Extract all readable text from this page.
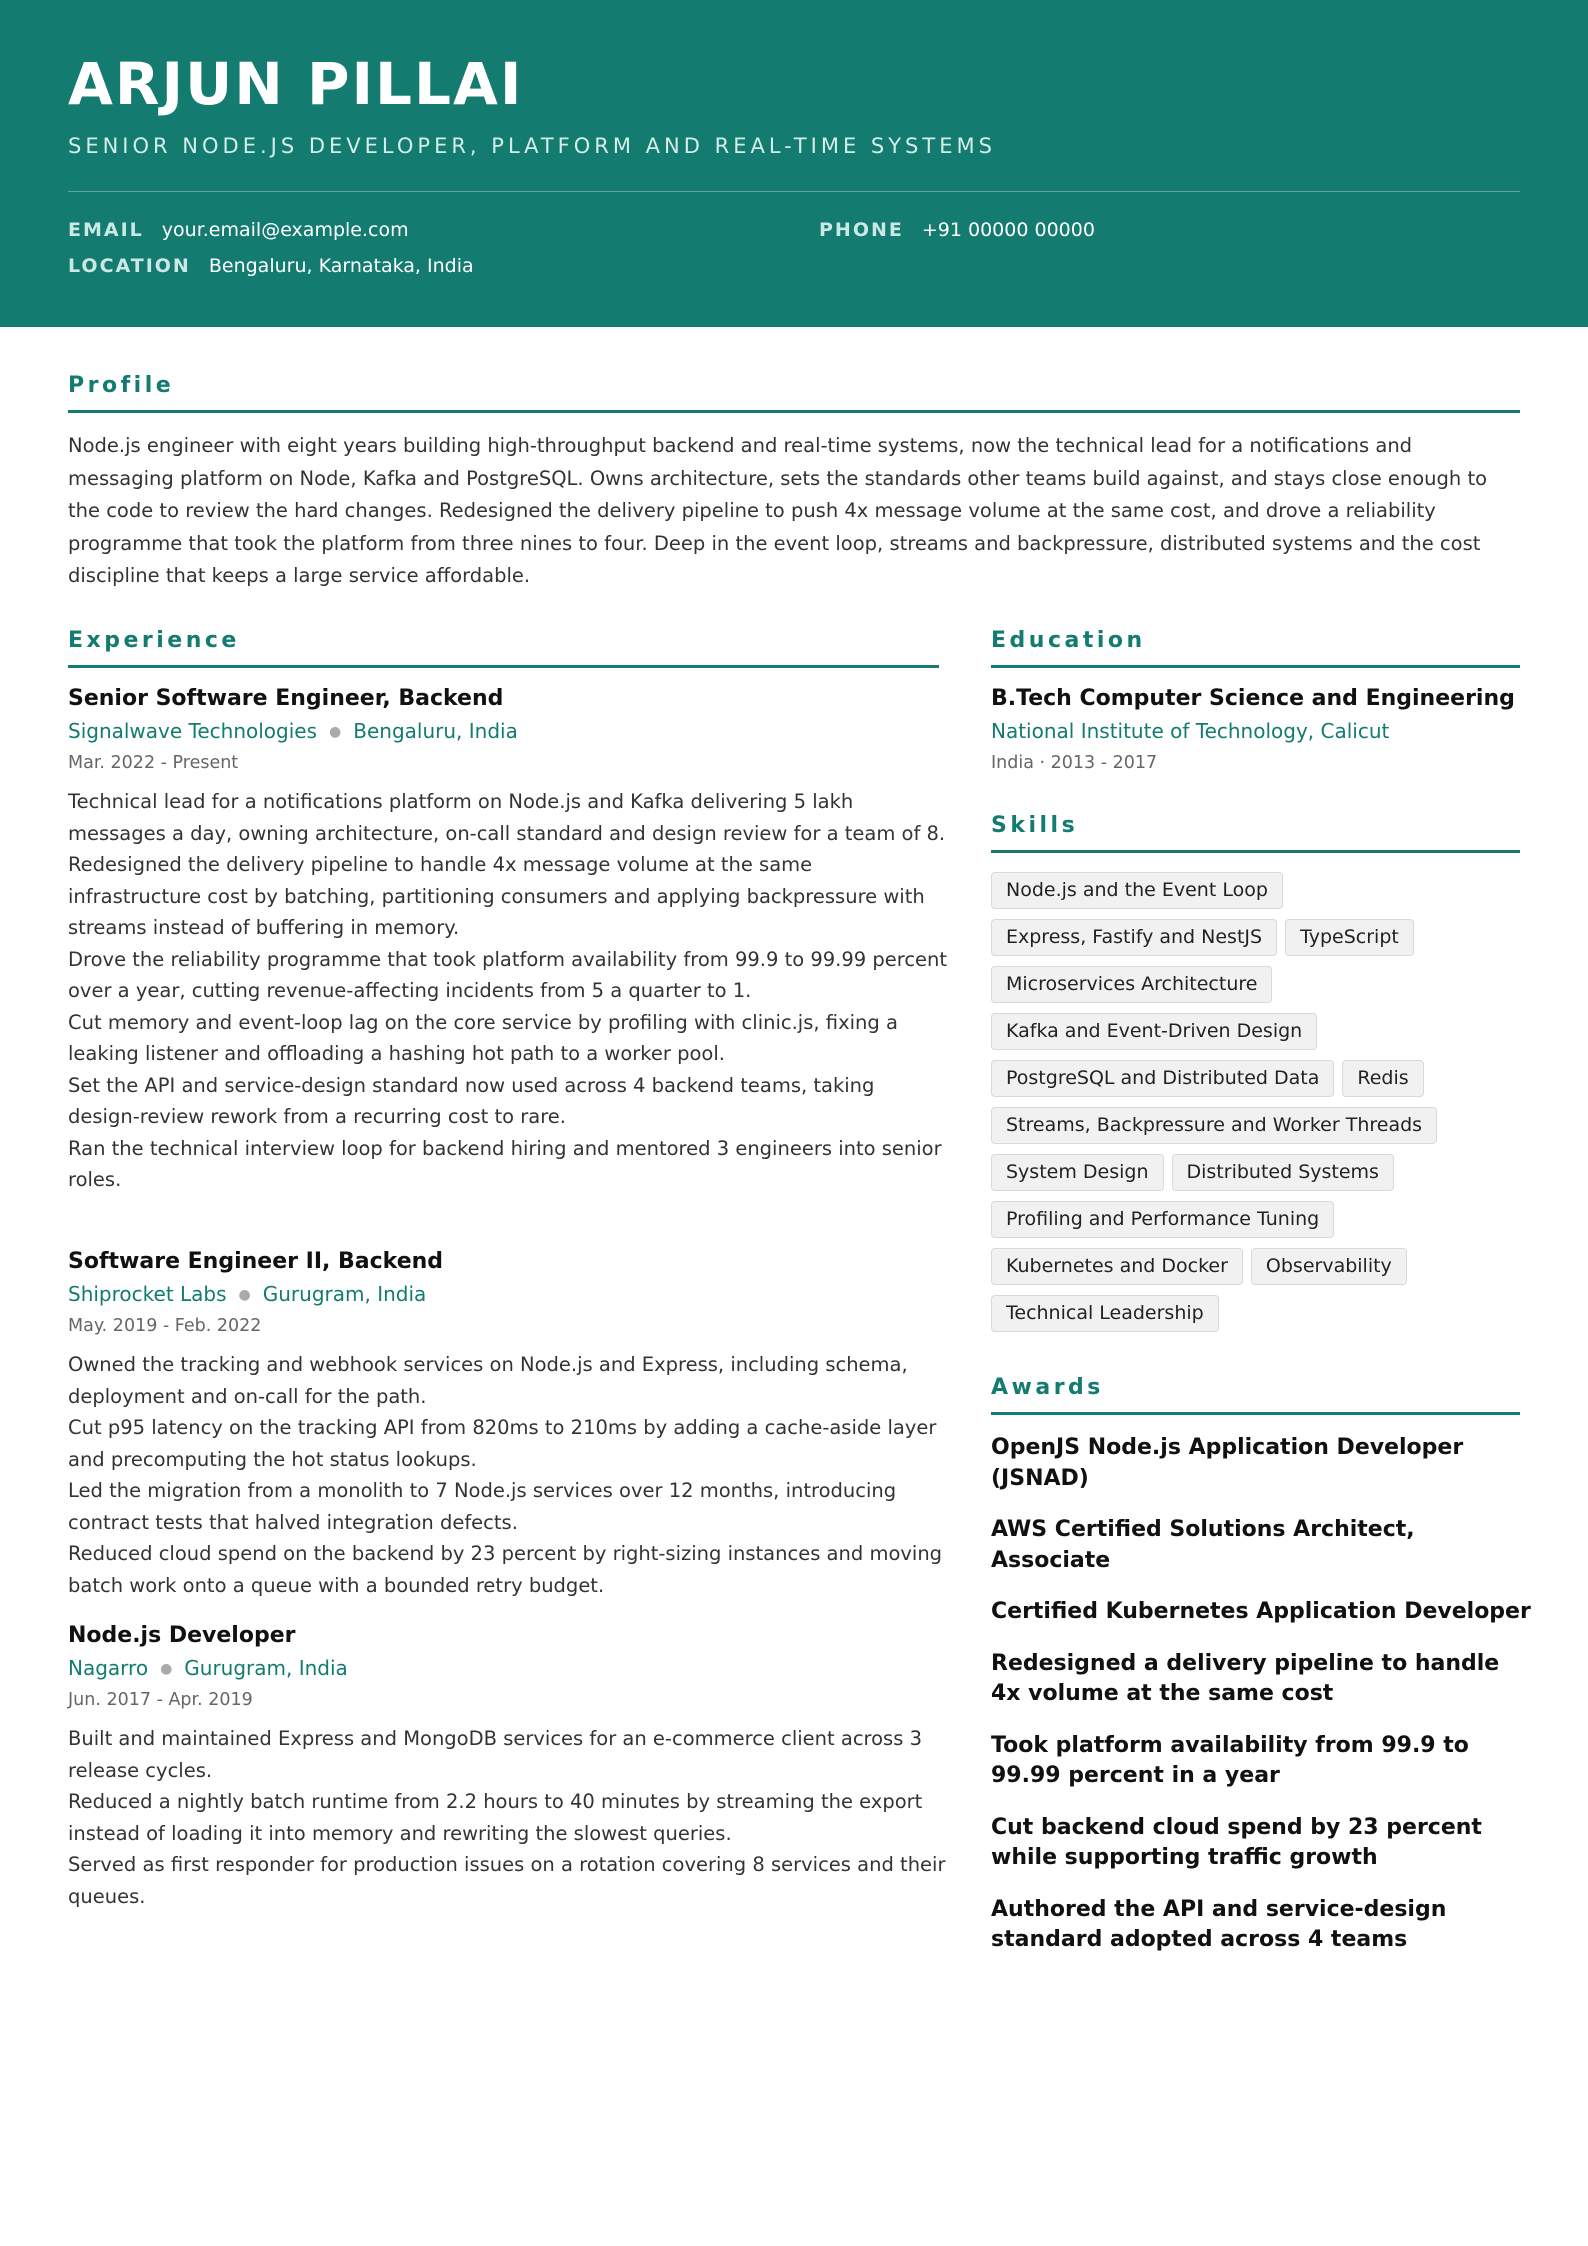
ARJUN PILLAI
SENIOR NODE.JS DEVELOPER, PLATFORM AND REAL-TIME SYSTEMS
EMAIL your.email@example.com	PHONE +91 00000 00000
LOCATION Bengaluru, Karnataka, India
Profile
Node.js engineer with eight years building high-throughput backend and real-time systems, now the technical lead for a notifications and messaging platform on Node, Kafka and PostgreSQL. Owns architecture, sets the standards other teams build against, and stays close enough to the code to review the hard changes. Redesigned the delivery pipeline to push 4x message volume at the same cost, and drove a reliability programme that took the platform from three nines to four. Deep in the event loop, streams and backpressure, distributed systems and the cost discipline that keeps a large service affordable.
Experience
Senior Software Engineer, Backend
Signalwave Technologies ● Bengaluru, India
Mar. 2022 - Present

Technical lead for a notifications platform on Node.js and Kafka delivering 5 lakh messages a day, owning architecture, on-call standard and design review for a team of 8.

Redesigned the delivery pipeline to handle 4x message volume at the same infrastructure cost by batching, partitioning consumers and applying backpressure with streams instead of buffering in memory.

Drove the reliability programme that took platform availability from 99.9 to 99.99 percent over a year, cutting revenue-affecting incidents from 5 a quarter to 1.

Cut memory and event-loop lag on the core service by profiling with clinic.js, fixing a leaking listener and offloading a hashing hot path to a worker pool.

Set the API and service-design standard now used across 4 backend teams, taking design-review rework from a recurring cost to rare.

Ran the technical interview loop for backend hiring and mentored 3 engineers into senior roles.

Software Engineer II, Backend
Shiprocket Labs ● Gurugram, India
May. 2019 - Feb. 2022

Owned the tracking and webhook services on Node.js and Express, including schema, deployment and on-call for the path.

Cut p95 latency on the tracking API from 820ms to 210ms by adding a cache-aside layer and precomputing the hot status lookups.

Led the migration from a monolith to 7 Node.js services over 12 months, introducing contract tests that halved integration defects.

Reduced cloud spend on the backend by 23 percent by right-sizing instances and moving batch work onto a queue with a bounded retry budget.

Node.js Developer
Nagarro ● Gurugram, India
Jun. 2017 - Apr. 2019

Built and maintained Express and MongoDB services for an e-commerce client across 3 release cycles.

Reduced a nightly batch runtime from 2.2 hours to 40 minutes by streaming the export instead of loading it into memory and rewriting the slowest queries.

Served as first responder for production issues on a rotation covering 8 services and their queues.

Education
B.Tech Computer Science and Engineering
National Institute of Technology, Calicut
India · 2013 - 2017
Skills
Node.js and the Event Loop
Express, Fastify and NestJS	TypeScript
Microservices Architecture
Kafka and Event-Driven Design
PostgreSQL and Distributed Data	Redis
Streams, Backpressure and Worker Threads
System Design	Distributed Systems
Profiling and Performance Tuning
Kubernetes and Docker	Observability
Technical Leadership
Awards
OpenJS Node.js Application Developer (JSNAD)
AWS Certified Solutions Architect, Associate
Certified Kubernetes Application Developer
Redesigned a delivery pipeline to handle 4x volume at the same cost
Took platform availability from 99.9 to 99.99 percent in a year
Cut backend cloud spend by 23 percent while supporting traffic growth
Authored the API and service-design standard adopted across 4 teams
